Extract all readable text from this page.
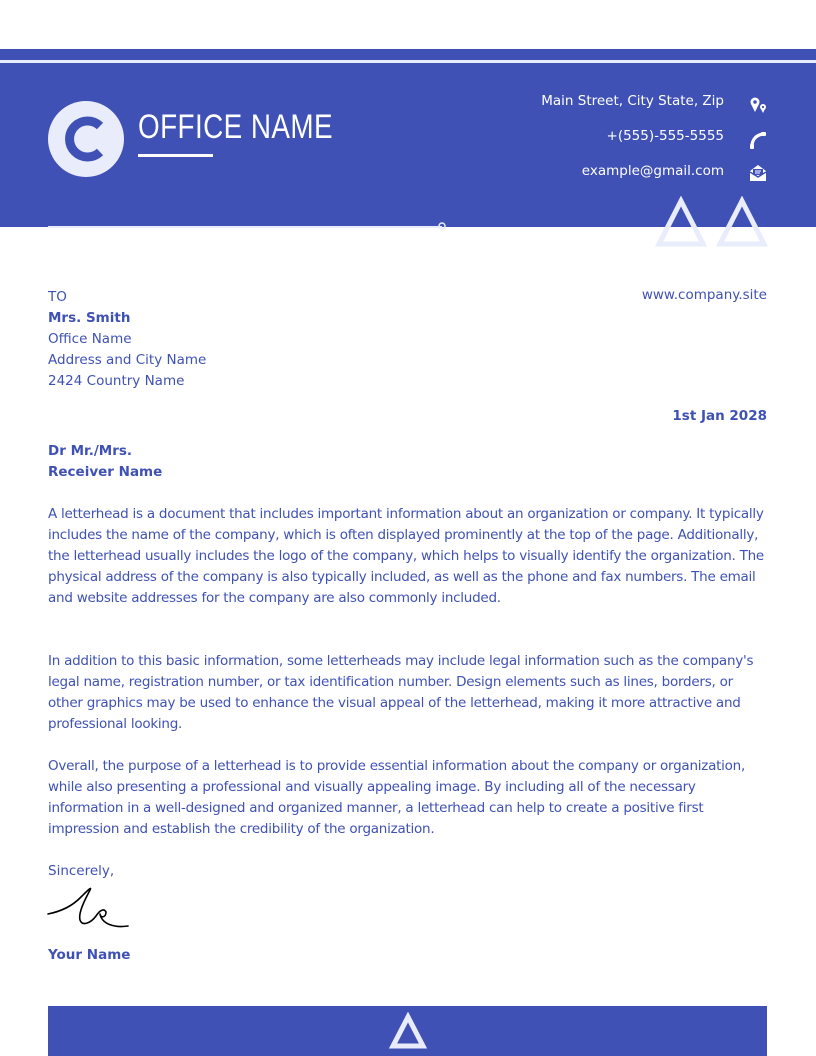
OFFICE NAME
Main Street, City State, Zip
+(555)-555-5555
example@gmail.com
TO
Mrs. Smith
Office Name
Address and City Name
2424 Country Name
www.company.site
1st Jan 2028
Dr Mr./Mrs.
Receiver Name
A letterhead is a document that includes important information about an organization or company. It typically includes the name of the company, which is often displayed prominently at the top of the page. Additionally, the letterhead usually includes the logo of the company, which helps to visually identify the organization. The physical address of the company is also typically included, as well as the phone and fax numbers. The email and website addresses for the company are also commonly included.
In addition to this basic information, some letterheads may include legal information such as the company's legal name, registration number, or tax identification number. Design elements such as lines, borders, or other graphics may be used to enhance the visual appeal of the letterhead, making it more attractive and professional looking.
Overall, the purpose of a letterhead is to provide essential information about the company or organization, while also presenting a professional and visually appealing image. By including all of the necessary information in a well-designed and organized manner, a letterhead can help to create a positive first impression and establish the credibility of the organization.
Sincerely,
Your Name
